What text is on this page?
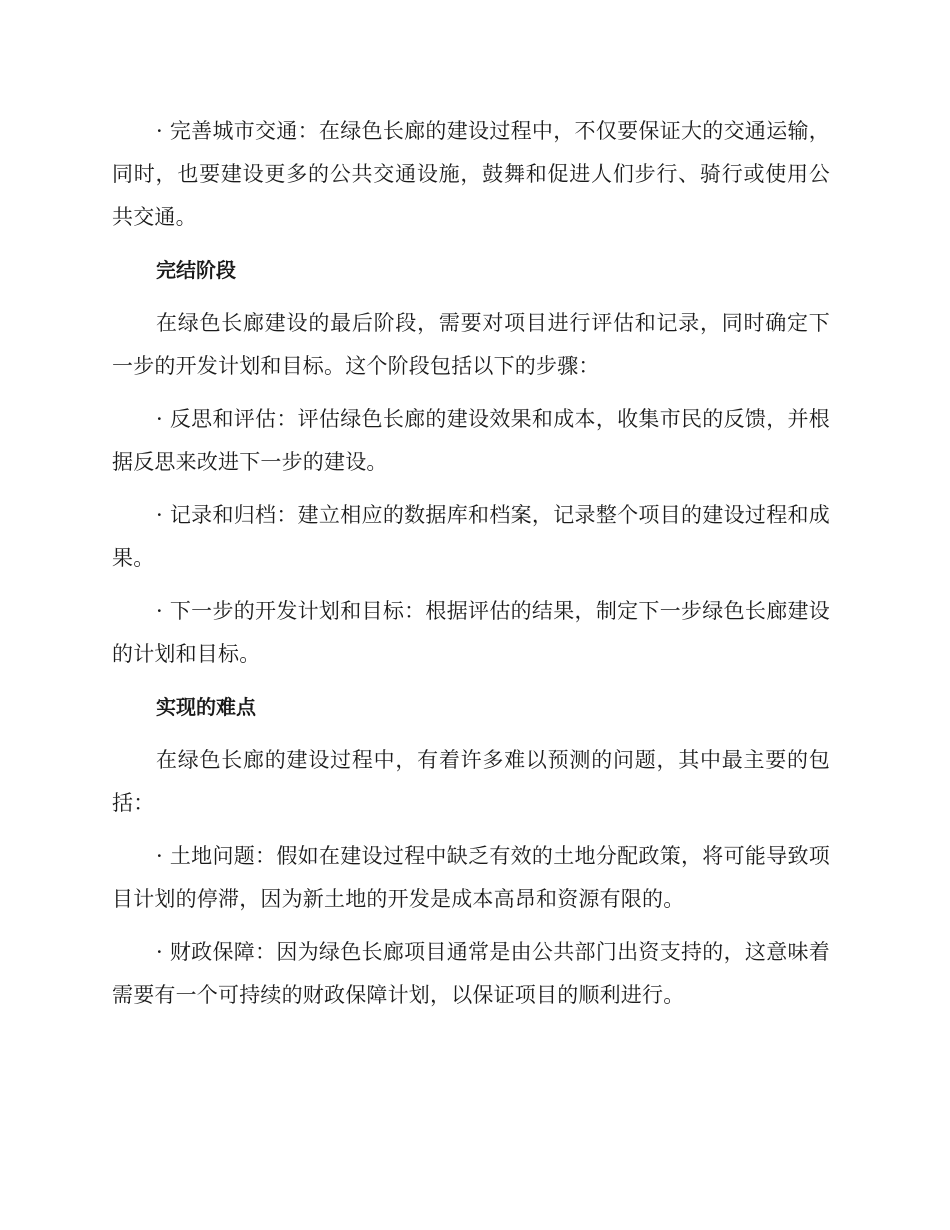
· 完善城市交通：在绿色长廊的建设过程中，不仅要保证大的交通运输，同时，也要建设更多的公共交通设施，鼓舞和促进人们步行、骑行或使用公共交通。

完结阶段

在绿色长廊建设的最后阶段，需要对项目进行评估和记录，同时确定下一步的开发计划和目标。这个阶段包括以下的步骤：

· 反思和评估：评估绿色长廊的建设效果和成本，收集市民的反馈，并根据反思来改进下一步的建设。

· 记录和归档：建立相应的数据库和档案，记录整个项目的建设过程和成果。

· 下一步的开发计划和目标：根据评估的结果，制定下一步绿色长廊建设的计划和目标。

实现的难点

在绿色长廊的建设过程中，有着许多难以预测的问题，其中最主要的包括：

· 土地问题：假如在建设过程中缺乏有效的土地分配政策，将可能导致项目计划的停滞，因为新土地的开发是成本高昂和资源有限的。

· 财政保障：因为绿色长廊项目通常是由公共部门出资支持的，这意味着需要有一个可持续的财政保障计划，以保证项目的顺利进行。
